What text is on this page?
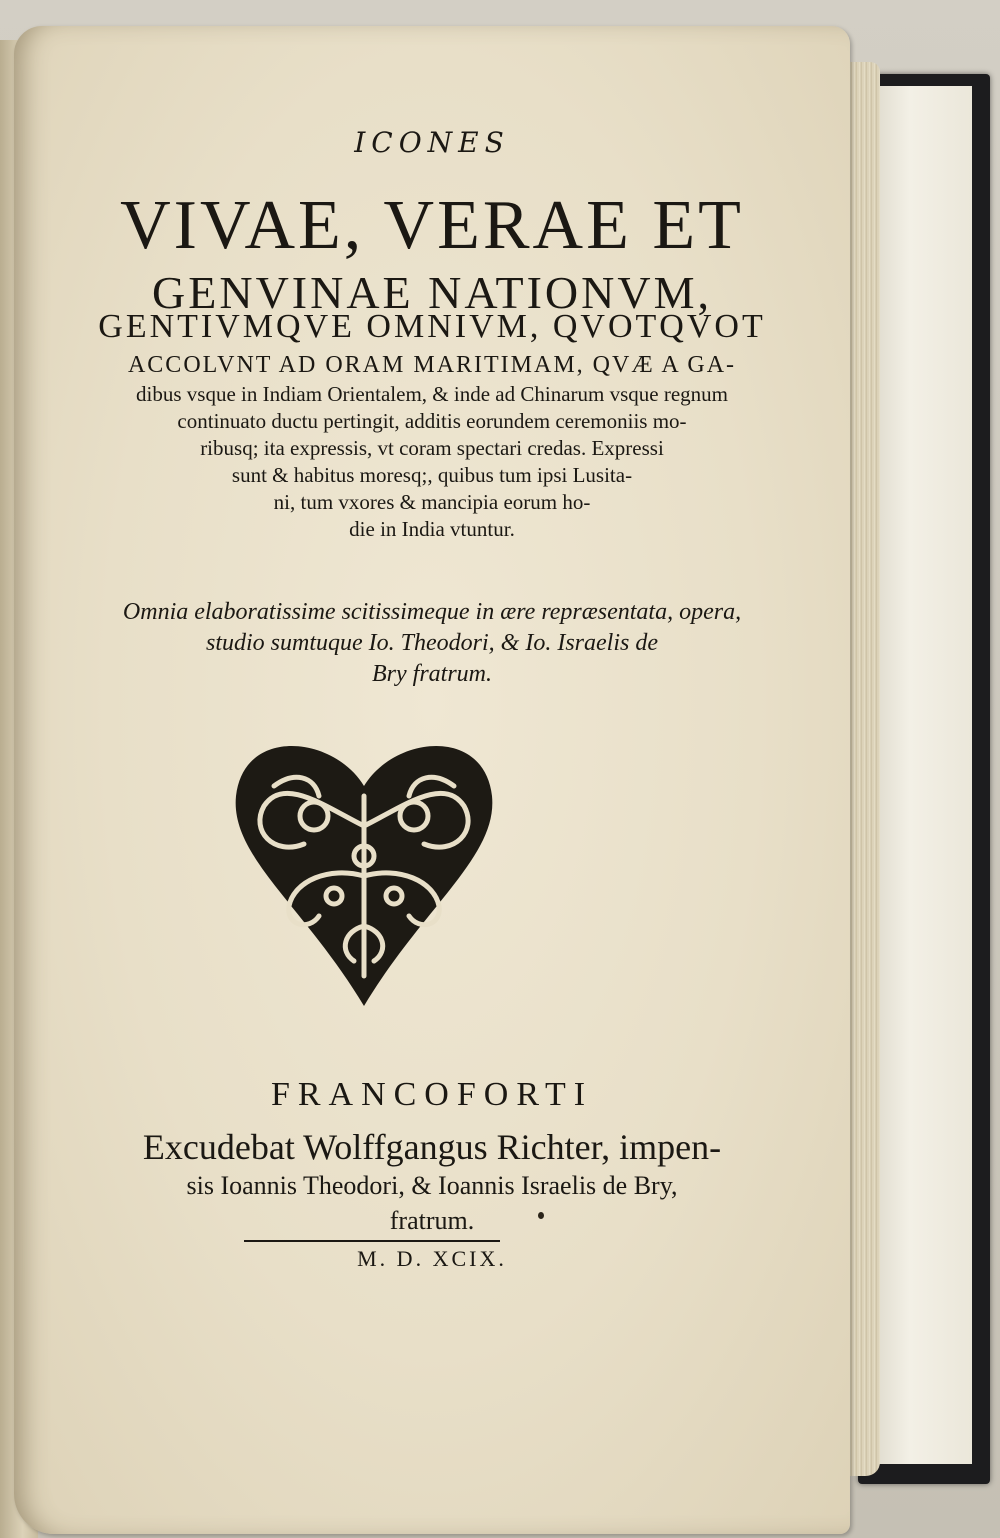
ICONES
VIVAE, VERAE ET
GENVINAE NATIONVM,
GENTIVMQVE OMNIVM, QVOTQVOT
ACCOLVNT AD ORAM MARITIMAM, QVÆ A GA-
dibus vsque in Indiam Orientalem, & inde ad Chinarum vsque regnum
continuato ductu pertingit, additis eorundem ceremoniis mo-
ribusq; ita expressis, vt coram spectari credas. Expressi
sunt & habitus moresq;, quibus tum ipsi Lusita-
ni, tum vxores & mancipia eorum ho-
die in India vtuntur.
Omnia elaboratissime scitissimeque in ære repræsentata, opera,
studio sumtuque Io. Theodori, & Io. Israelis de
Bry fratrum.
FRANCOFORTI
Excudebat Wolffgangus Richter, impen-
sis Ioannis Theodori, & Ioannis Israelis de Bry,
fratrum.
M. D. XCIX.
